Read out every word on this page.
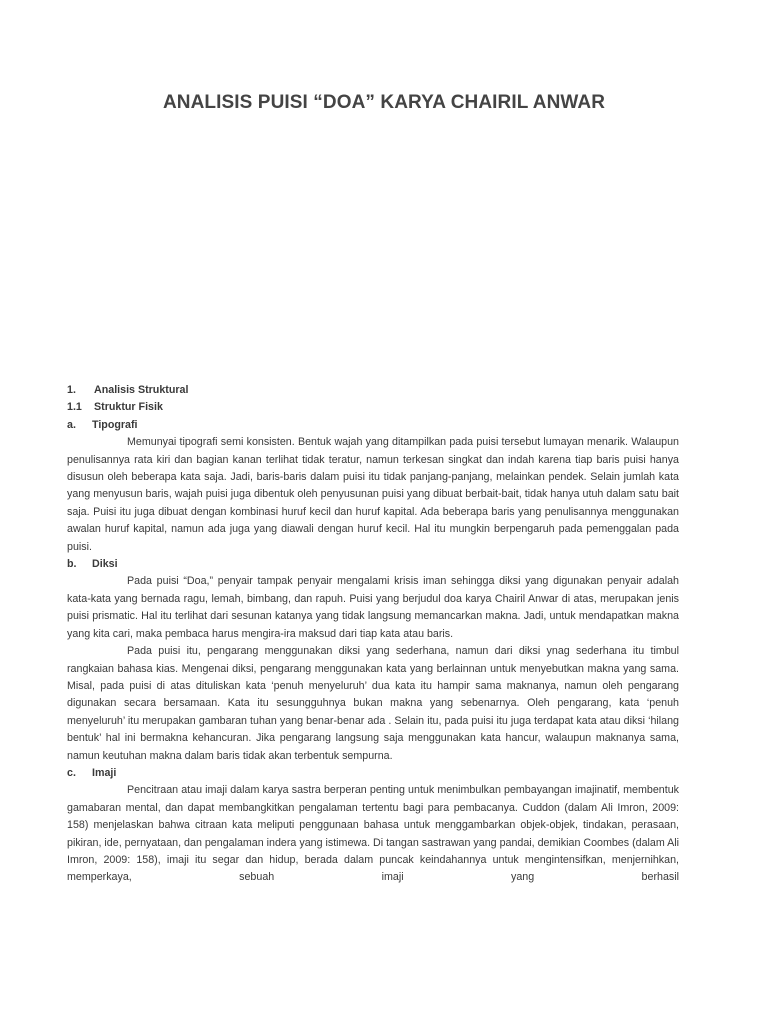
ANALISIS PUISI “DOA” KARYA CHAIRIL ANWAR
1. Analisis Struktural
1.1 Struktur Fisik
a. Tipografi

Memunyai tipografi semi konsisten. Bentuk wajah yang ditampilkan pada puisi tersebut lumayan menarik. Walaupun penulisannya rata kiri dan bagian kanan terlihat tidak teratur, namun terkesan singkat dan indah karena tiap baris puisi hanya disusun oleh beberapa kata saja. Jadi, baris-baris dalam puisi itu tidak panjang-panjang, melainkan pendek. Selain jumlah kata yang menyusun baris, wajah puisi juga dibentuk oleh penyusunan puisi yang dibuat berbait-bait, tidak hanya utuh dalam satu bait saja. Puisi itu juga dibuat dengan kombinasi huruf kecil dan huruf kapital. Ada beberapa baris yang penulisannya menggunakan awalan huruf kapital, namun ada juga yang diawali dengan huruf kecil. Hal itu mungkin berpengaruh pada pemenggalan pada puisi.

b. Diksi

Pada puisi “Doa,” penyair tampak penyair mengalami krisis iman sehingga diksi yang digunakan penyair adalah kata-kata yang bernada ragu, lemah, bimbang, dan rapuh. Puisi yang berjudul doa karya Chairil Anwar di atas, merupakan jenis puisi prismatic. Hal itu terlihat dari sesunan katanya yang tidak langsung memancarkan makna. Jadi, untuk mendapatkan makna yang kita cari, maka pembaca harus mengira-ira maksud dari tiap kata atau baris.

Pada puisi itu, pengarang menggunakan diksi yang sederhana, namun dari diksi ynag sederhana itu timbul rangkaian bahasa kias. Mengenai diksi, pengarang menggunakan kata yang berlainnan untuk menyebutkan makna yang sama. Misal, pada puisi di atas dituliskan kata ‘penuh menyeluruh’ dua kata itu hampir sama maknanya, namun oleh pengarang digunakan secara bersamaan. Kata itu sesungguhnya bukan makna yang sebenarnya. Oleh pengarang, kata ‘penuh menyeluruh’ itu merupakan gambaran tuhan yang benar-benar ada . Selain itu, pada puisi itu juga terdapat kata atau diksi ‘hilang bentuk’ hal ini bermakna kehancuran. Jika pengarang langsung saja menggunakan kata hancur, walaupun maknanya sama, namun keutuhan makna dalam baris tidak akan terbentuk sempurna.

c. Imaji

Pencitraan atau imaji dalam karya sastra berperan penting untuk menimbulkan pembayangan imajinatif, membentuk gamabaran mental, dan dapat membangkitkan pengalaman tertentu bagi para pembacanya. Cuddon (dalam Ali Imron, 2009: 158) menjelaskan bahwa citraan kata meliputi penggunaan bahasa untuk menggambarkan objek-objek, tindakan, perasaan, pikiran, ide, pernyataan, dan pengalaman indera yang istimewa. Di tangan sastrawan yang pandai, demikian Coombes (dalam Ali Imron, 2009: 158), imaji itu segar dan hidup, berada dalam puncak keindahannya untuk mengintensifkan, menjernihkan, memperkaya, sebuah imaji yang berhasil
